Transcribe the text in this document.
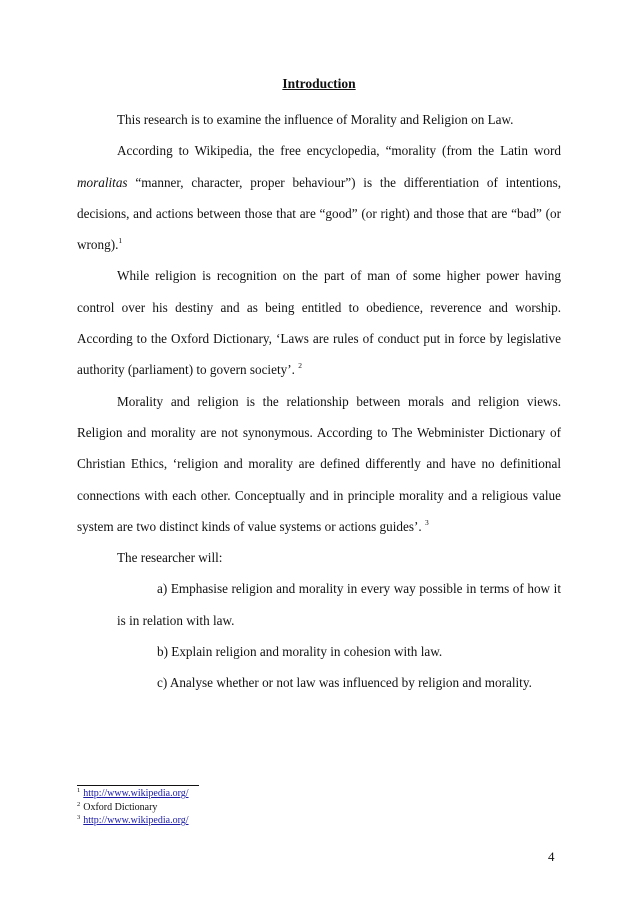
Introduction

This research is to examine the influence of Morality and Religion on Law.

According to Wikipedia, the free encyclopedia, “morality (from the Latin word moralitas “manner, character, proper behaviour”) is the differentiation of intentions, decisions, and actions between those that are “good” (or right) and those that are “bad” (or wrong).$^1$

While religion is recognition on the part of man of some higher power having control over his destiny and as being entitled to obedience, reverence and worship. According to the Oxford Dictionary, ‘Laws are rules of conduct put in force by legislative authority (parliament) to govern society’. $^2$

Morality and religion is the relationship between morals and religion views. Religion and morality are not synonymous. According to The Webminister Dictionary of Christian Ethics, ‘religion and morality are defined differently and have no definitional connections with each other. Conceptually and in principle morality and a religious value system are two distinct kinds of value systems or actions guides’. $^3$

The researcher will:

a) Emphasise religion and morality in every way possible in terms of how it is in relation with law.

b) Explain religion and morality in cohesion with law.

c) Analyse whether or not law was influenced by religion and morality.

$^1$ http://www.wikipedia.org/
$^2$ Oxford Dictionary
$^3$ http://www.wikipedia.org/
4
